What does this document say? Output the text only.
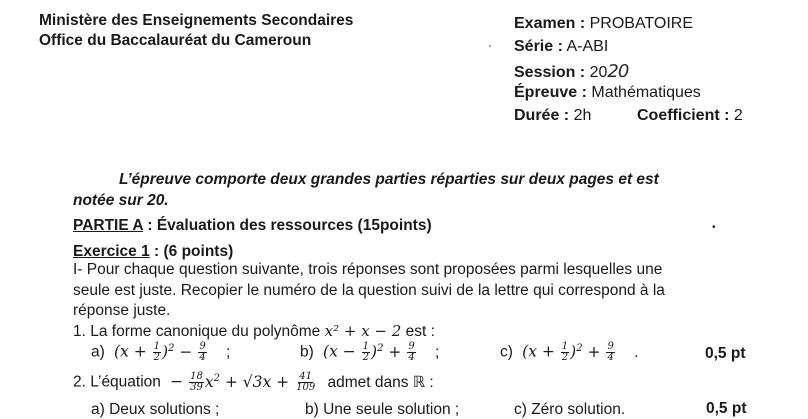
Ministère des Enseignements Secondaires
Office du Baccalauréat du Cameroun
Examen : PROBATOIRE
' Série : A-ABI
Session : 2020
Épreuve : Mathématiques
Durée : 2h	Coefficient : 2
L’épreuve comporte deux grandes parties réparties sur deux pages et est
notée sur 20.
PARTIE A : Évaluation des ressources (15points)	•
Exercice 1 : (6 points)
I- Pour chaque question suivante, trois réponses sont proposées parmi lesquelles une
seule est juste. Recopier le numéro de la question suivi de la lettre qui correspond à la
réponse juste.
1. La forme canonique du polynôme x² + x − 2 est :
a)  $(x + \frac{1}{2} )^2 - \frac{9}{4}$ ;	b)  $(x - \frac{1}{2} )^2 + \frac{9}{4}$ ;	c)  $(x + \frac{1}{2} )^2 + \frac{9}{4}$ .	0,5 pt
2. L’équation  − $\frac{18}{39} x^2 + √3x + \frac{41}{109}$ admet dans ℝ :
a) Deux solutions ;	b) Une seule solution ;	c) Zéro solution.	0,5 pt
